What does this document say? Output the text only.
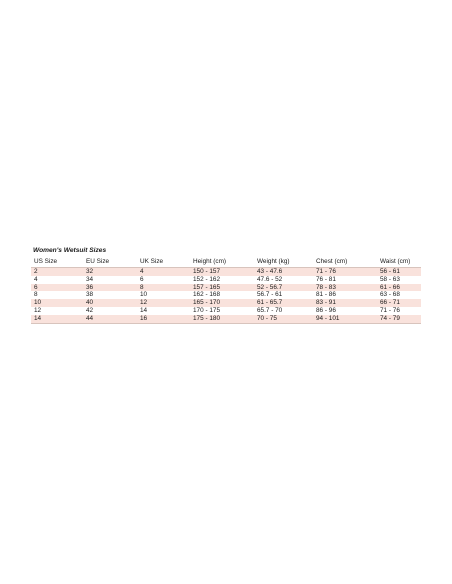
Women's Wetsuit Sizes
US Size	EU Size	UK Size	Height (cm)	Weight (kg)	Chest (cm)	Waist (cm)
2	32	4	150 - 157	43 - 47.6	71 - 76	56 - 61
4	34	6	152 - 162	47.6 - 52	76 - 81	58 - 63
6	36	8	157 - 165	52 - 56.7	78 - 83	61 - 66
8	38	10	162 - 168	56.7 - 61	81 - 86	63 - 68
10	40	12	165 - 170	61 - 65.7	83 - 91	66 - 71
12	42	14	170 - 175	65.7 - 70	86 - 96	71 - 76
14	44	16	175 - 180	70 - 75	94 - 101	74 - 79
